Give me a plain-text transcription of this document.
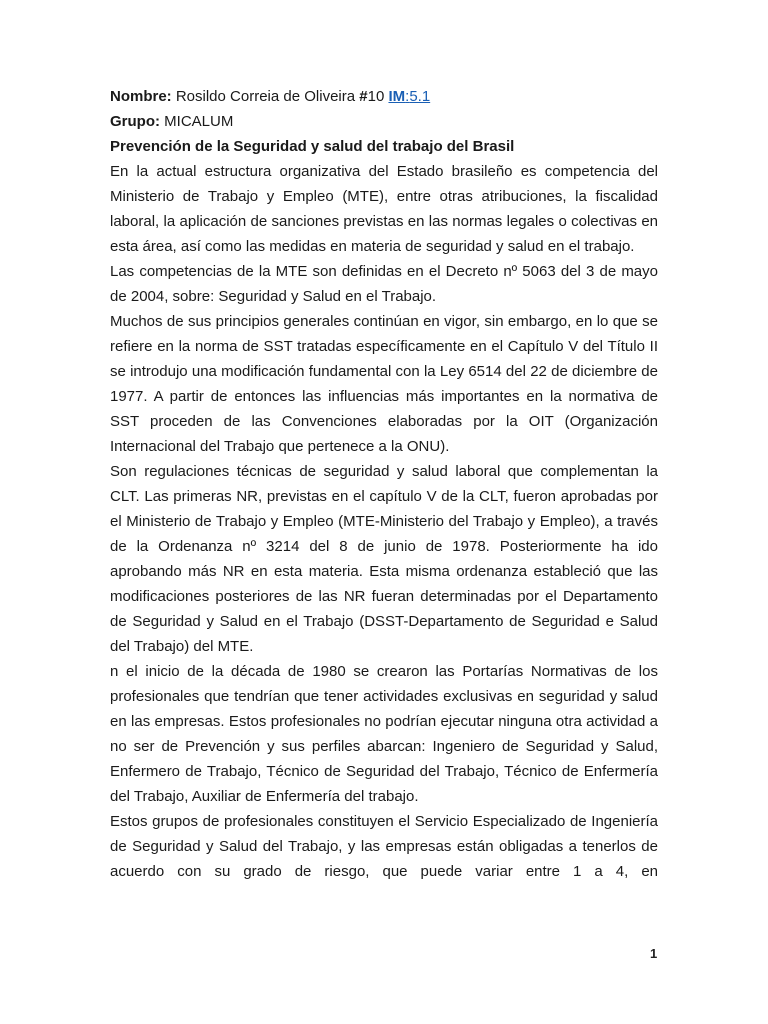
Nombre: Rosildo Correia de Oliveira #10 IM:5.1
Grupo: MICALUM
Prevención de la Seguridad y salud del trabajo del Brasil

En la actual estructura organizativa del Estado brasileño es competencia del Ministerio de Trabajo y Empleo (MTE), entre otras atribuciones, la fiscalidad laboral, la aplicación de sanciones previstas en las normas legales o colectivas en esta área, así como las medidas en materia de seguridad y salud en el trabajo.

Las competencias de la MTE son definidas en el Decreto nº 5063 del 3 de mayo de 2004, sobre: Seguridad y Salud en el Trabajo.

Muchos de sus principios generales continúan en vigor, sin embargo, en lo que se refiere en la norma de SST tratadas específicamente en el Capítulo V del Título II se introdujo una modificación fundamental con la Ley 6514 del 22 de diciembre de 1977. A partir de entonces las influencias más importantes en la normativa de SST proceden de las Convenciones elaboradas por la OIT (Organización Internacional del Trabajo que pertenece a la ONU).

Son regulaciones técnicas de seguridad y salud laboral que complementan la CLT. Las primeras NR, previstas en el capítulo V de la CLT, fueron aprobadas por el Ministerio de Trabajo y Empleo (MTE-Ministerio del Trabajo y Empleo), a través de la Ordenanza nº 3214 del 8 de junio de 1978. Posteriormente ha ido aprobando más NR en esta materia. Esta misma ordenanza estableció que las modificaciones posteriores de las NR fueran determinadas por el Departamento de Seguridad y Salud en el Trabajo (DSST-Departamento de Seguridad e Salud del Trabajo) del MTE.

n el inicio de la década de 1980 se crearon las Portarías Normativas de los profesionales que tendrían que tener actividades exclusivas en seguridad y salud en las empresas. Estos profesionales no podrían ejecutar ninguna otra actividad a no ser de Prevención y sus perfiles abarcan: Ingeniero de Seguridad y Salud, Enfermero de Trabajo, Técnico de Seguridad del Trabajo, Técnico de Enfermería del Trabajo, Auxiliar de Enfermería del trabajo.

Estos grupos de profesionales constituyen el Servicio Especializado de Ingeniería de Seguridad y Salud del Trabajo, y las empresas están obligadas a tenerlos de acuerdo con su grado de riesgo, que puede variar entre 1 a 4, en

1
